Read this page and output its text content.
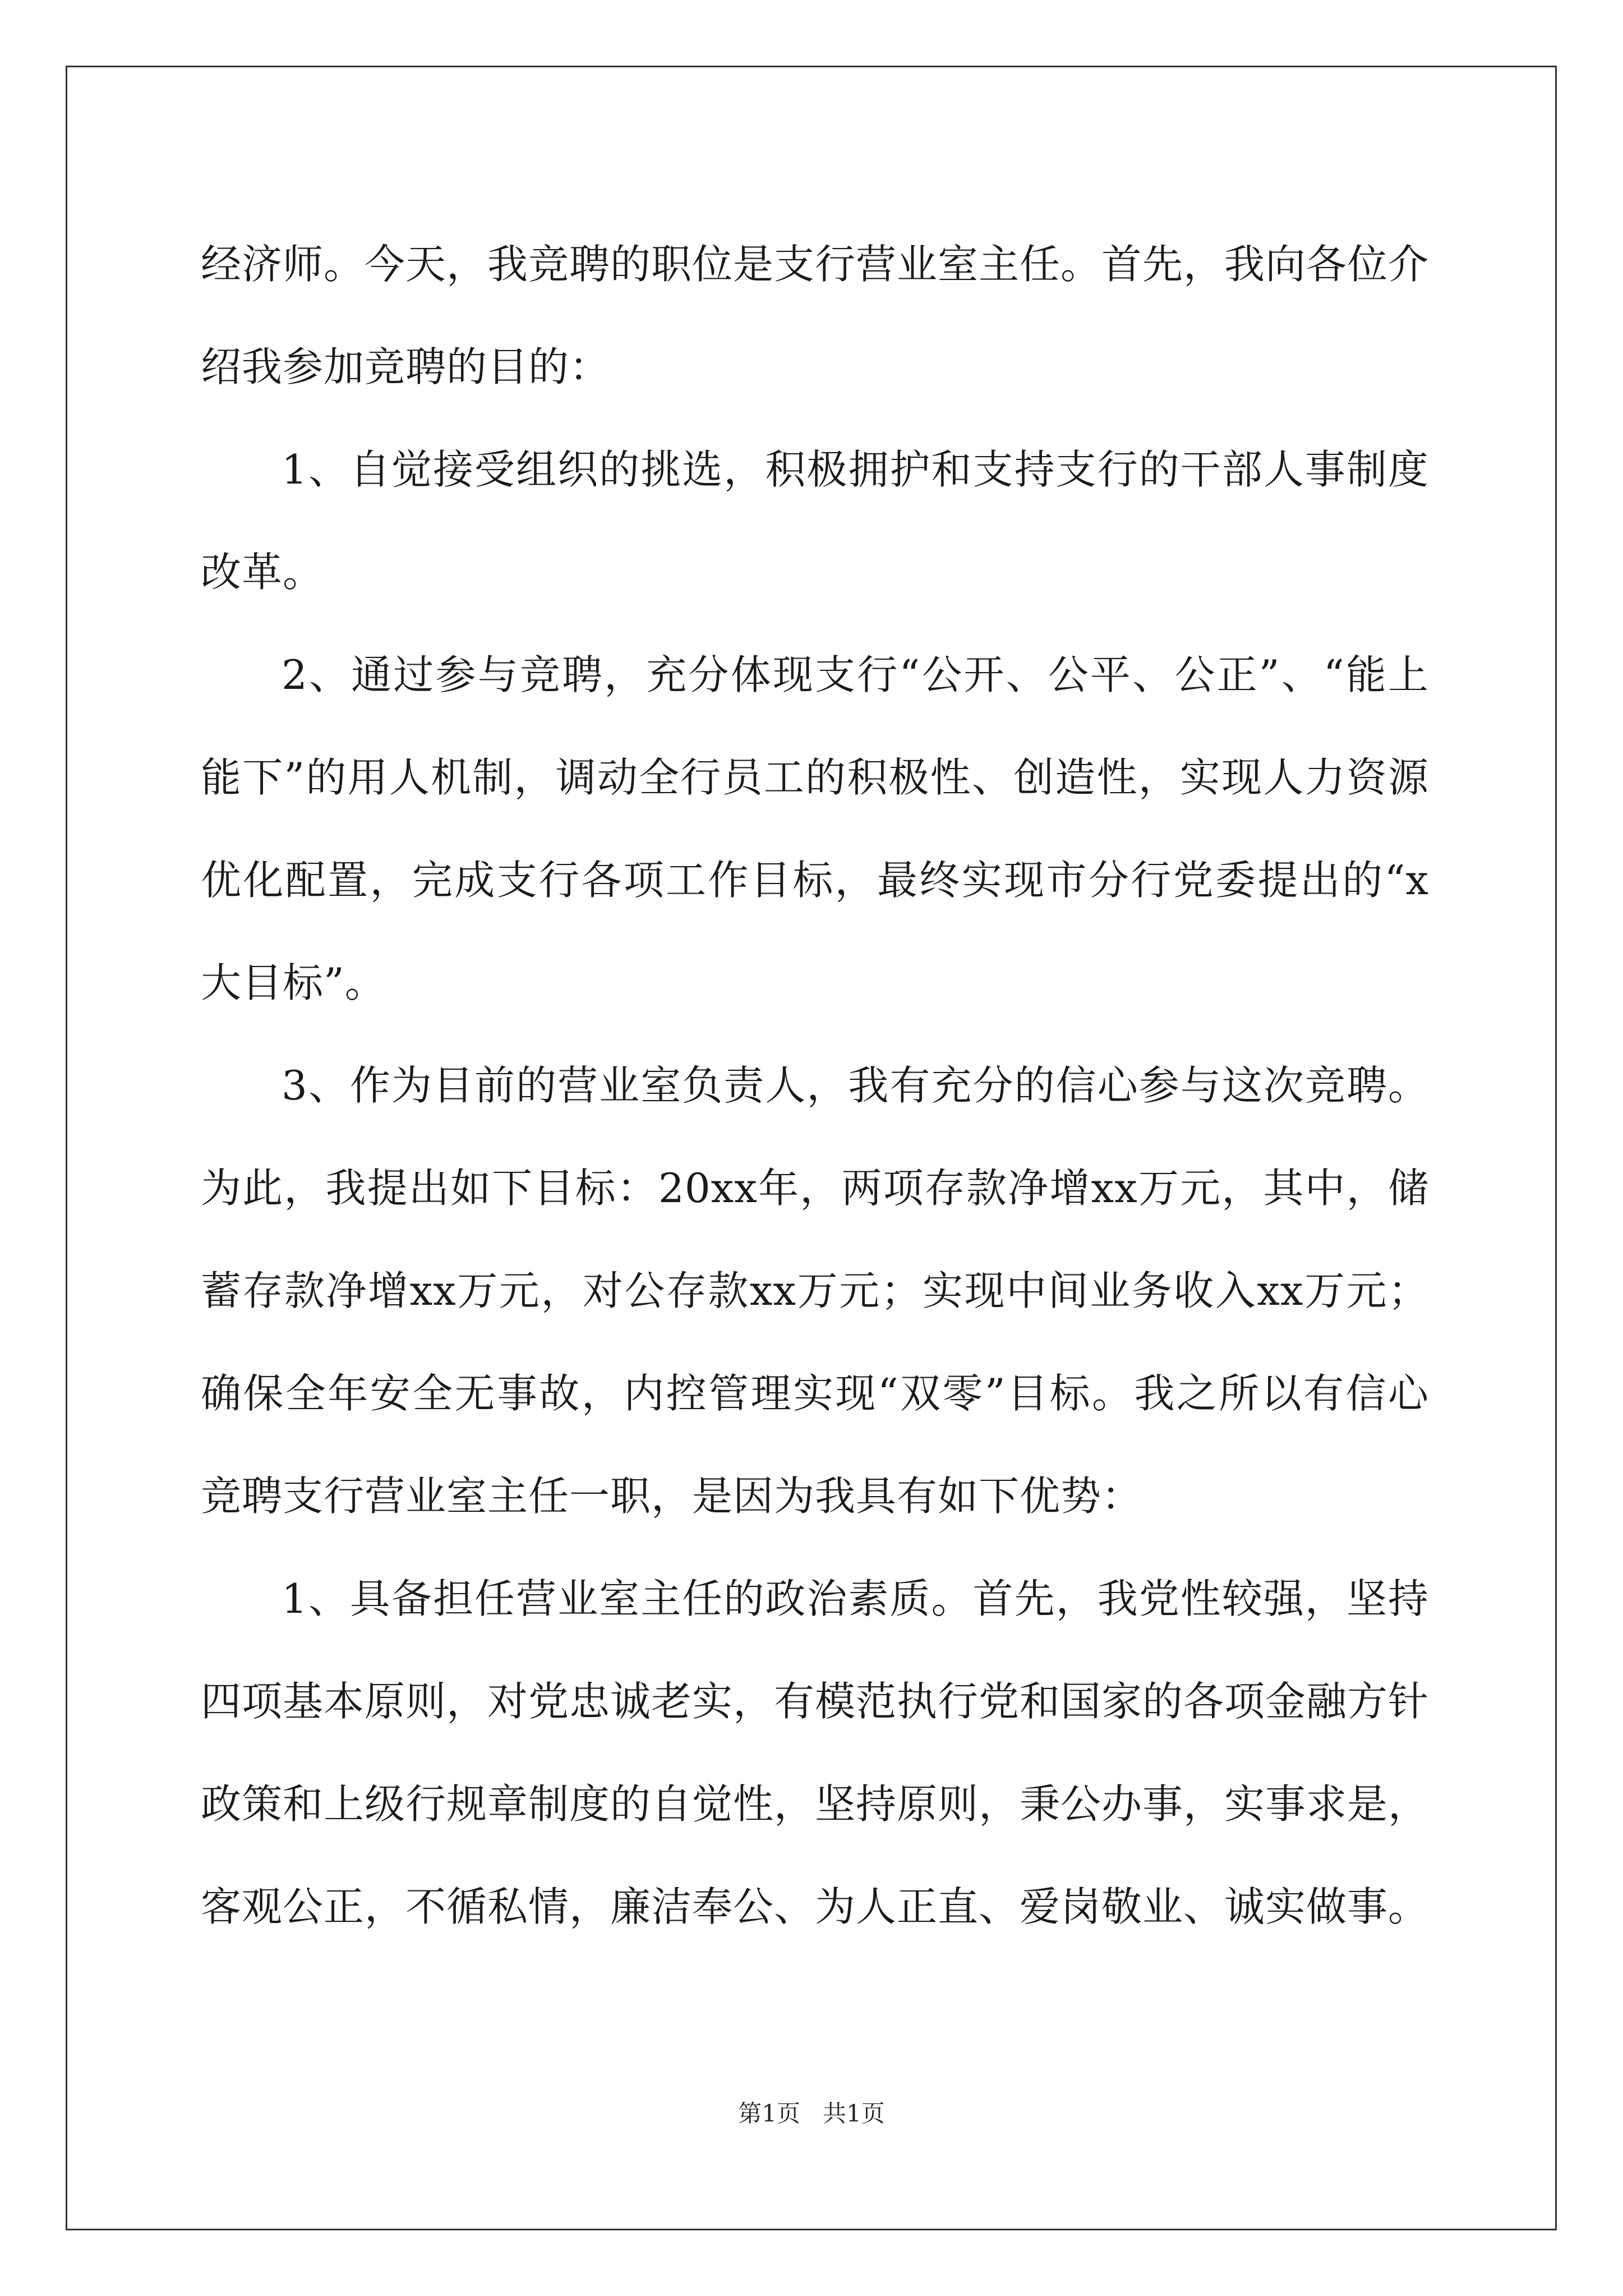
经济师。今天，我竞聘的职位是支行营业室主任。首先，我向各位介绍我参加竞聘的目的：

1、自觉接受组织的挑选，积极拥护和支持支行的干部人事制度改革。

2、通过参与竞聘，充分体现支行“公开、公平、公正”、“能上能下”的用人机制，调动全行员工的积极性、创造性，实现人力资源优化配置，完成支行各项工作目标，最终实现市分行党委提出的“x大目标”。

3、作为目前的营业室负责人，我有充分的信心参与这次竞聘。为此，我提出如下目标：20xx年，两项存款净增xx万元，其中，储蓄存款净增xx万元，对公存款xx万元；实现中间业务收入xx万元；确保全年安全无事故，内控管理实现“双零”目标。我之所以有信心竞聘支行营业室主任一职，是因为我具有如下优势：

1、具备担任营业室主任的政治素质。首先，我党性较强，坚持四项基本原则，对党忠诚老实，有模范执行党和国家的各项金融方针政策和上级行规章制度的自觉性，坚持原则，秉公办事，实事求是，客观公正，不循私情，廉洁奉公、为人正直、爱岗敬业、诚实做事。

第1页 共1页
